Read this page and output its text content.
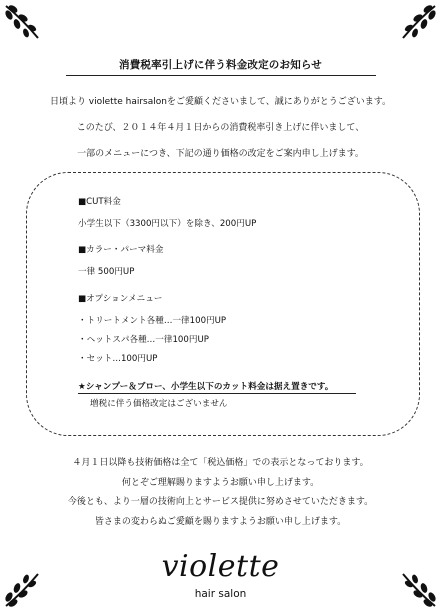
消費税率引上げに伴う料金改定のお知らせ

日頃より violette hairsalonをご愛顧くださいまして、誠にありがとうございます。

このたび、２０１４年４月１日からの消費税率引き上げに伴いまして、

一部のメニューにつき、下記の通り価格の改定をご案内申し上げます。

■CUT料金
小学生以下（3300円以下）を除き、200円UP
■カラー・パーマ料金
一律 500円UP
■オプションメニュー
・トリートメント各種…一律100円UP
・ヘットスパ各種…一律100円UP
・セット…100円UP
★シャンプー＆ブロー、小学生以下のカット料金は据え置きです。
増税に伴う価格改定はございません

４月１日以降も技術価格は全て「税込価格」での表示となっております。

何とぞご理解賜りますようお願い申し上げます。

今後とも、より一層の技術向上とサービス提供に努めさせていただきます。

皆さまの変わらぬご愛顧を賜りますようお願い申し上げます。

violette
hair salon
